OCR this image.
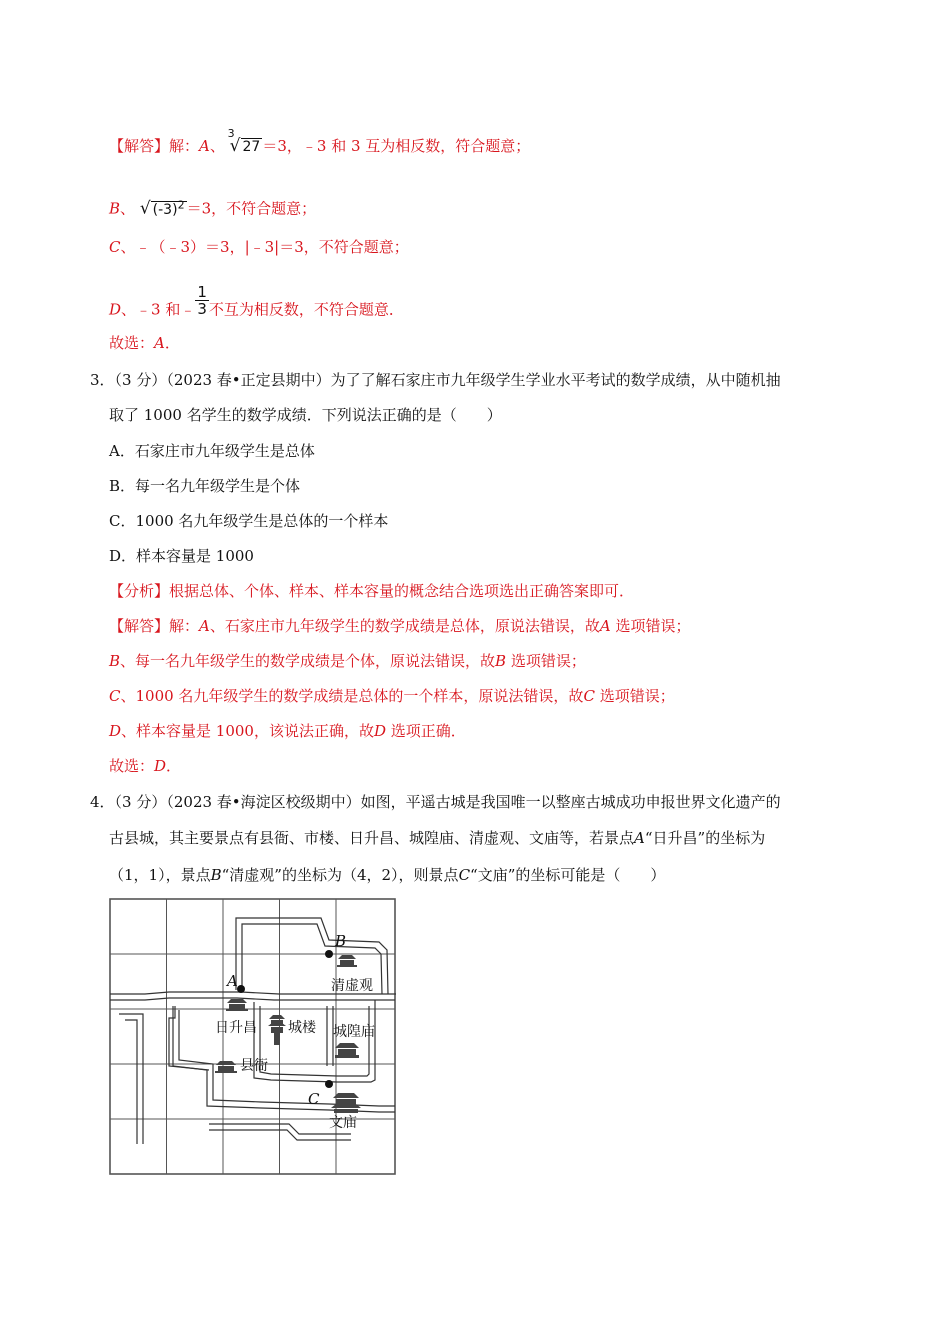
【解答】解：A、
3
√ 27 ＝3，﹣3 和 3 互为相反数，符合题意；
B、 √ $(-3)^2 =3$，不符合题意；
C、﹣（﹣3）＝3，|﹣3|＝3，不符合题意；
D、﹣3 和﹣ $\frac{1}{3}$ 不互为相反数，不符合题意．
故选：A．
3．（3 分）（2023 春•正定县期中）为了了解石家庄市九年级学生学业水平考试的数学成绩，从中随机抽
取了 1000 名学生的数学成绩．下列说法正确的是（　　）
A．石家庄市九年级学生是总体
B．每一名九年级学生是个体
C．1000 名九年级学生是总体的一个样本
D．样本容量是 1000
【分析】根据总体、个体、样本、样本容量的概念结合选项选出正确答案即可．
【解答】解：A、石家庄市九年级学生的数学成绩是总体，原说法错误，故A 选项错误；
B、每一名九年级学生的数学成绩是个体，原说法错误，故B 选项错误；
C、1000 名九年级学生的数学成绩是总体的一个样本，原说法错误，故C 选项错误；
D、样本容量是 1000，该说法正确，故D 选项正确．
故选：D．
4．（3 分）（2023 春•海淀区校级期中）如图，平遥古城是我国唯一以整座古城成功申报世界文化遗产的
古县城，其主要景点有县衙、市楼、日升昌、城隍庙、清虚观、文庙等，若景点A“日升昌”的坐标为
（1，1），景点B“清虚观”的坐标为（4，2），则景点C“文庙”的坐标可能是（　　）
A
B
C
清虚观
日升昌 城楼 城隍庙
县衙
文庙
